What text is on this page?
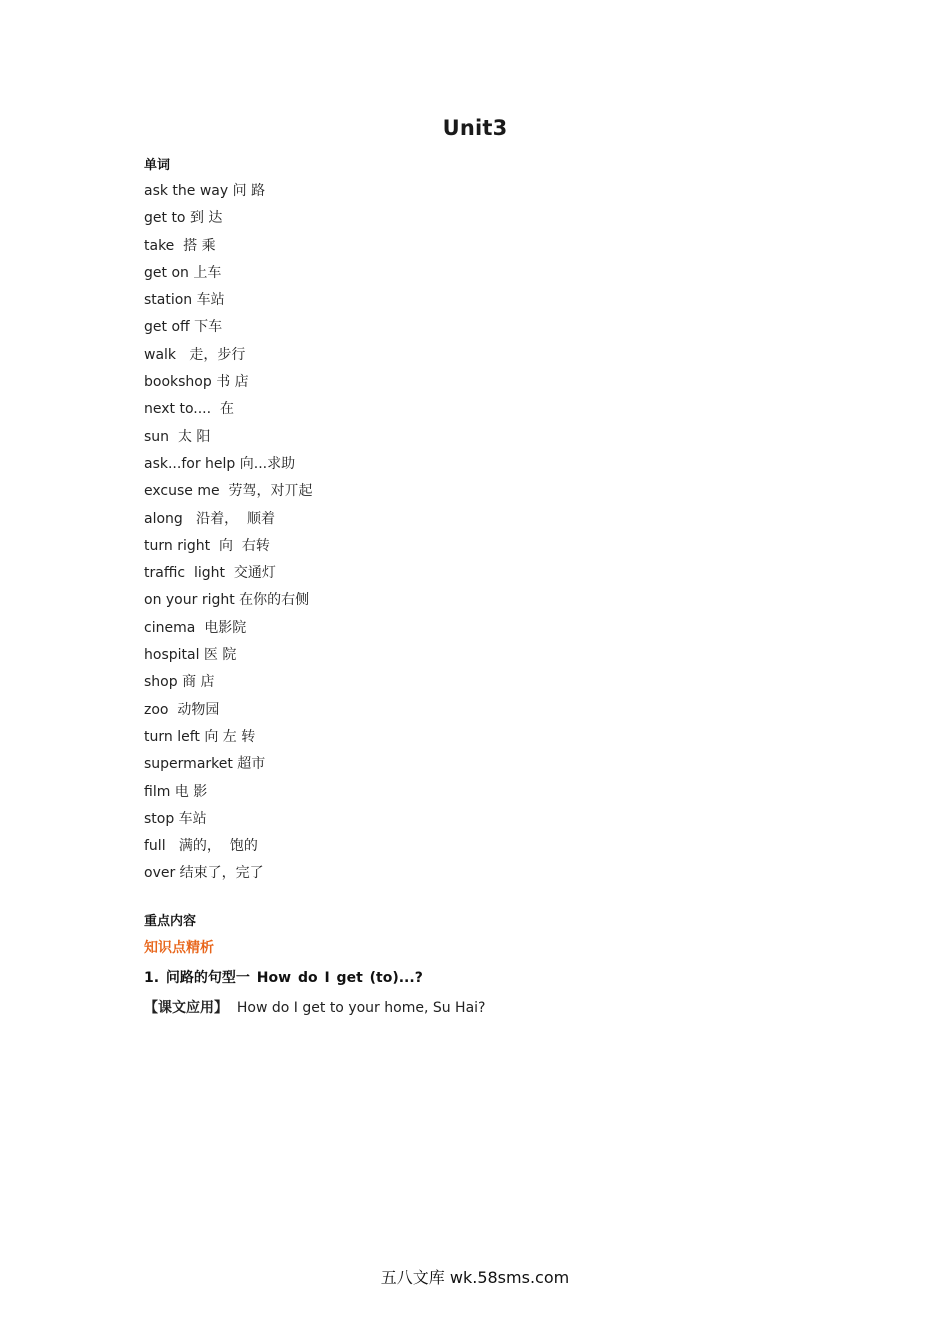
Unit3
单词
ask the way 问 路
get to 到 达
take  搭 乘
get on 上车
station 车站
get off 下车
walk   走，步行
bookshop 书 店
next to....  在
sun  太 阳
ask...for help 向...求助
excuse me  劳驾，对丌起
along   沿着，  顺着
turn right  向  右转
traffic  light  交通灯
on your right 在你的右侧
cinema  电影院
hospital 医 院
shop 商 店
zoo  动物园
turn left 向 左 转
supermarket 超市
film 电 影
stop 车站
full   满的，  饱的
over 结束了，完了
重点内容
知识点精析
1. 问路的句型一 How do I get (to)...?
【课文应用】  How do I get to your home, Su Hai?
五八文库 wk.58sms.com
